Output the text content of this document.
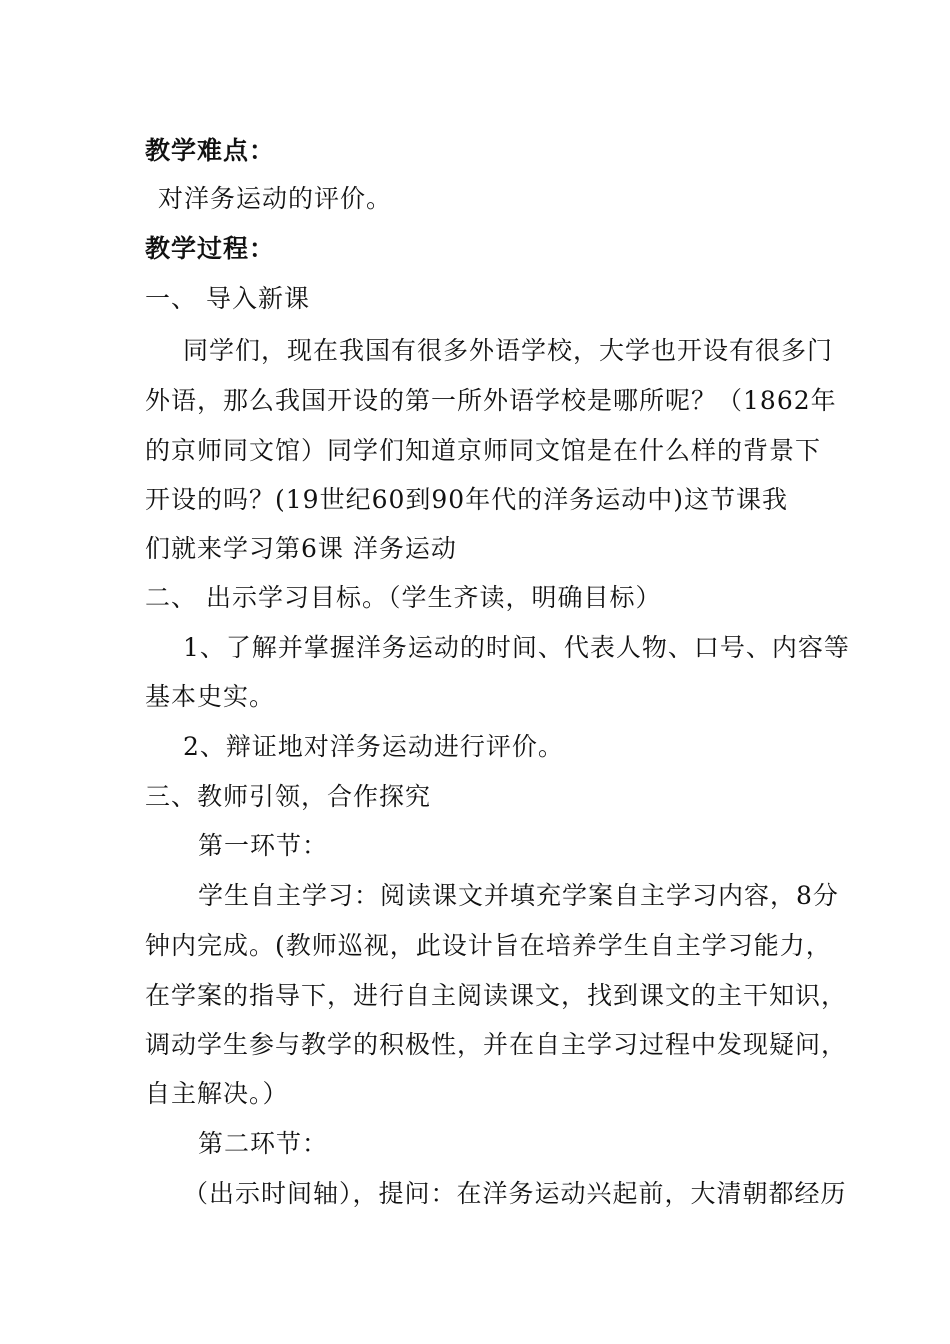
教学难点：
对洋务运动的评价。
教学过程：
一、 导入新课
同学们，现在我国有很多外语学校，大学也开设有很多门
外语，那么我国开设的第一所外语学校是哪所呢？（1862年
的京师同文馆）同学们知道京师同文馆是在什么样的背景下
开设的吗？(19世纪60到90年代的洋务运动中)这节课我
们就来学习第6课 洋务运动
二、 出示学习目标。（学生齐读，明确目标）
1、了解并掌握洋务运动的时间、代表人物、口号、内容等
基本史实。
2、辩证地对洋务运动进行评价。
三、教师引领，合作探究
第一环节：
学生自主学习：阅读课文并填充学案自主学习内容，8分
钟内完成。(教师巡视，此设计旨在培养学生自主学习能力，
在学案的指导下，进行自主阅读课文，找到课文的主干知识，
调动学生参与教学的积极性，并在自主学习过程中发现疑问，
自主解决。）
第二环节：
（出示时间轴），提问：在洋务运动兴起前，大清朝都经历
